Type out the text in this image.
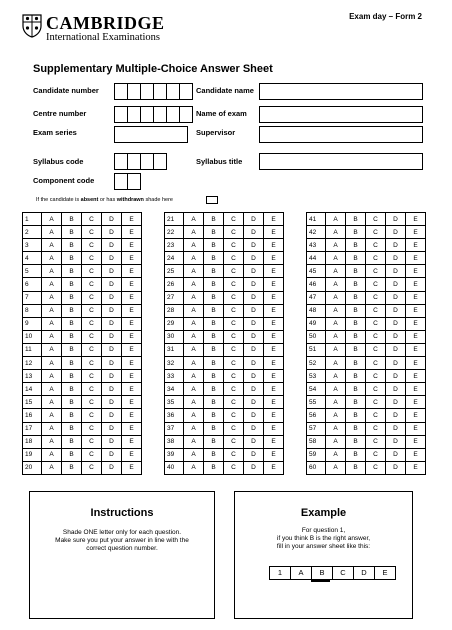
CAMBRIDGE
International Examinations
Exam day – Form 2
Supplementary Multiple-Choice Answer Sheet
Candidate number	Candidate name
Centre number	Name of exam
Exam series	Supervisor
Syllabus code	Syllabus title
Component code
If the candidate is absent or has withdrawn shade here
1	A	B	C	D	E
2	A	B	C	D	E
3	A	B	C	D	E
4	A	B	C	D	E
5	A	B	C	D	E
6	A	B	C	D	E
7	A	B	C	D	E
8	A	B	C	D	E
9	A	B	C	D	E
10	A	B	C	D	E
11	A	B	C	D	E
12	A	B	C	D	E
13	A	B	C	D	E
14	A	B	C	D	E
15	A	B	C	D	E
16	A	B	C	D	E
17	A	B	C	D	E
18	A	B	C	D	E
19	A	B	C	D	E
20	A	B	C	D	E
21	A	B	C	D	E
22	A	B	C	D	E
23	A	B	C	D	E
24	A	B	C	D	E
25	A	B	C	D	E
26	A	B	C	D	E
27	A	B	C	D	E
28	A	B	C	D	E
29	A	B	C	D	E
30	A	B	C	D	E
31	A	B	C	D	E
32	A	B	C	D	E
33	A	B	C	D	E
34	A	B	C	D	E
35	A	B	C	D	E
36	A	B	C	D	E
37	A	B	C	D	E
38	A	B	C	D	E
39	A	B	C	D	E
40	A	B	C	D	E
41	A	B	C	D	E
42	A	B	C	D	E
43	A	B	C	D	E
44	A	B	C	D	E
45	A	B	C	D	E
46	A	B	C	D	E
47	A	B	C	D	E
48	A	B	C	D	E
49	A	B	C	D	E
50	A	B	C	D	E
51	A	B	C	D	E
52	A	B	C	D	E
53	A	B	C	D	E
54	A	B	C	D	E
55	A	B	C	D	E
56	A	B	C	D	E
57	A	B	C	D	E
58	A	B	C	D	E
59	A	B	C	D	E
60	A	B	C	D	E
Instructions
Shade ONE letter only for each question.
Make sure you put your answer in line with the
correct question number.
Example
For question 1,
if you think B is the right answer,
fill in your answer sheet like this:
1	A	B	C	D	E
